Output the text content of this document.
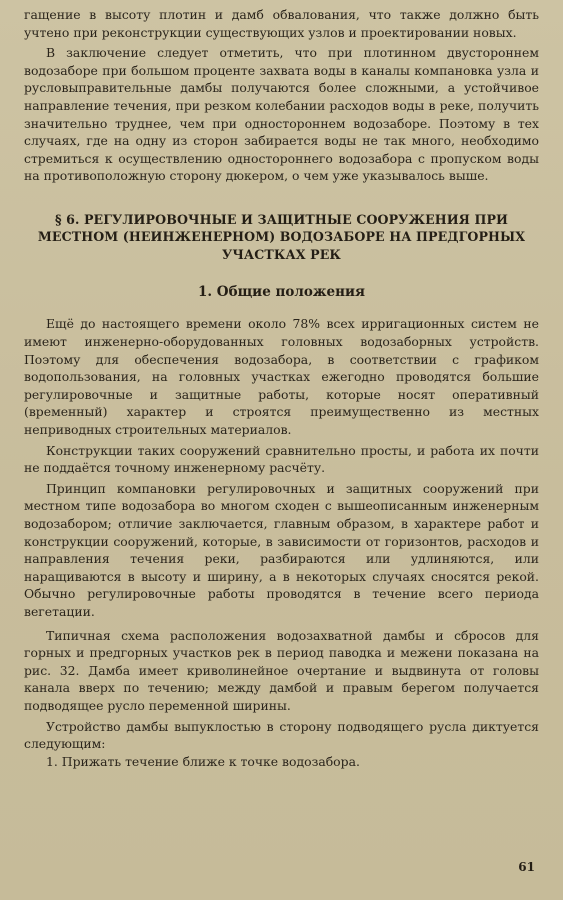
гащение в высоту плотин и дамб обвалования, что также должно быть учтено при реконструкции существующих узлов и проектировании новых.

В заключение следует отметить, что при плотинном двустороннем водозаборе при большом проценте захвата воды в каналы компановка узла и русловыправительные дамбы получаются более сложными, а устойчивое направление течения, при резком колебании расходов воды в реке, получить значительно труднее, чем при одностороннем водозаборе. Поэтому в тех случаях, где на одну из сторон забирается воды не так много, необходимо стремиться к осуществлению одностороннего водозабора с пропуском воды на противоположную сторону дюкером, о чем уже указывалось выше.

§ 6. РЕГУЛИРОВОЧНЫЕ И ЗАЩИТНЫЕ СООРУЖЕНИЯ ПРИ МЕСТНОМ (НЕИНЖЕНЕРНОМ) ВОДОЗАБОРЕ НА ПРЕДГОРНЫХ УЧАСТКАХ РЕК
1. Общие положения

Ещё до настоящего времени около 78% всех ирригационных систем не имеют инженерно-оборудованных головных водозаборных устройств. Поэтому для обеспечения водозабора, в соответствии с графиком водопользования, на головных участках ежегодно проводятся большие регулировочные и защитные работы, которые носят оперативный (временный) характер и строятся преимущественно из местных неприводных строительных материалов.

Конструкции таких сооружений сравнительно просты, и работа их почти не поддаётся точному инженерному расчёту.

Принцип компановки регулировочных и защитных сооружений при местном типе водозабора во многом сходен с вышеописанным инженерным водозабором; отличие заключается, главным образом, в характере работ и конструкции сооружений, которые, в зависимости от горизонтов, расходов и направления течения реки, разбираются или удлиняются, или наращиваются в высоту и ширину, а в некоторых случаях сносятся рекой. Обычно регулировочные работы проводятся в течение всего периода вегетации.

Типичная схема расположения водозахватной дамбы и сбросов для горных и предгорных участков рек в период паводка и межени показана на рис. 32. Дамба имеет криволинейное очертание и выдвинута от головы канала вверх по течению; между дамбой и правым берегом получается подводящее русло переменной ширины.

Устройство дамбы выпуклостью в сторону подводящего русла диктуется следующим:

1. Прижать течение ближе к точке водозабора.

61
